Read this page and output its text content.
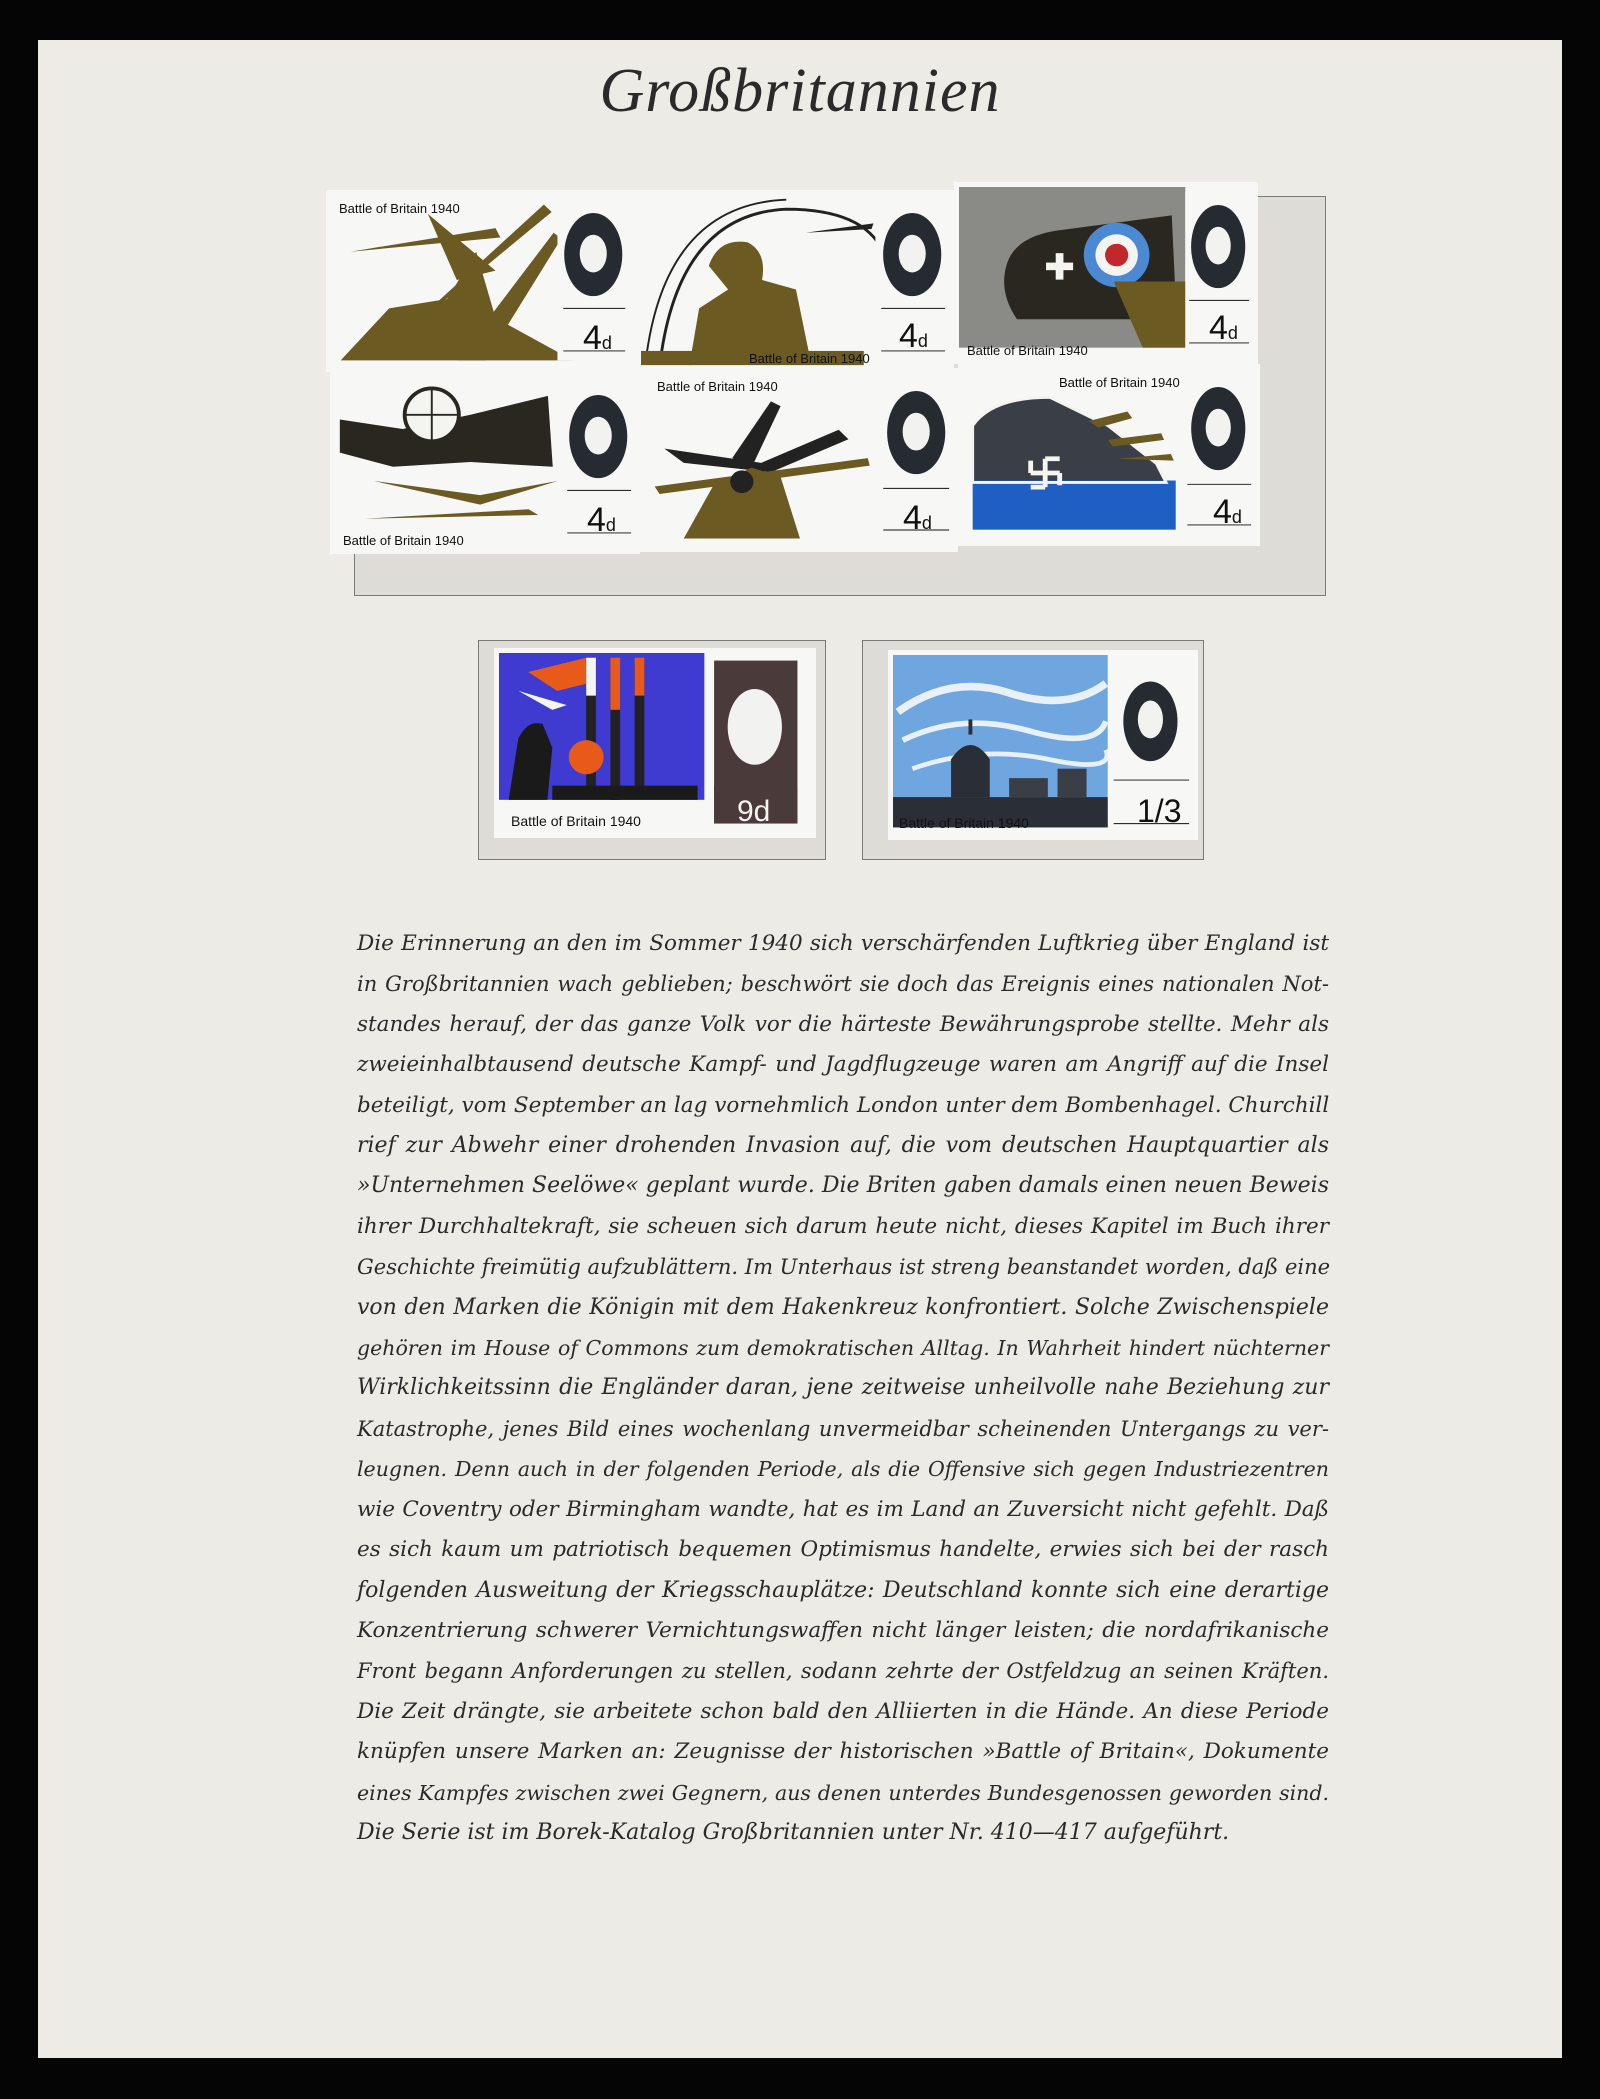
Großbritannien
Battle of Britain 1940
4d
Battle of Britain 1940
4d	Battle of Britain 1940
4d
Battle of Britain 1940
4d
Battle of Britain 1940
4d
Battle of Britain 1940
4d
Battle of Britain 1940	9d	Battle of Britain 1940	1/3
Die Erinnerung an den im Sommer 1940 sich verschärfenden Luftkrieg über England ist
in Großbritannien wach geblieben; beschwört sie doch das Ereignis eines nationalen Not-
standes herauf, der das ganze Volk vor die härteste Bewährungsprobe stellte. Mehr als
zweieinhalbtausend deutsche Kampf- und Jagdflugzeuge waren am Angriff auf die Insel
beteiligt, vom September an lag vornehmlich London unter dem Bombenhagel. Churchill
rief zur Abwehr einer drohenden Invasion auf, die vom deutschen Hauptquartier als
»Unternehmen Seelöwe« geplant wurde. Die Briten gaben damals einen neuen Beweis
ihrer Durchhaltekraft, sie scheuen sich darum heute nicht, dieses Kapitel im Buch ihrer
Geschichte freimütig aufzublättern. Im Unterhaus ist streng beanstandet worden, daß eine
von den Marken die Königin mit dem Hakenkreuz konfrontiert. Solche Zwischenspiele
gehören im House of Commons zum demokratischen Alltag. In Wahrheit hindert nüchterner
Wirklichkeitssinn die Engländer daran, jene zeitweise unheilvolle nahe Beziehung zur
Katastrophe, jenes Bild eines wochenlang unvermeidbar scheinenden Untergangs zu ver-
leugnen. Denn auch in der folgenden Periode, als die Offensive sich gegen Industriezentren
wie Coventry oder Birmingham wandte, hat es im Land an Zuversicht nicht gefehlt. Daß
es sich kaum um patriotisch bequemen Optimismus handelte, erwies sich bei der rasch
folgenden Ausweitung der Kriegsschauplätze: Deutschland konnte sich eine derartige
Konzentrierung schwerer Vernichtungswaffen nicht länger leisten; die nordafrikanische
Front begann Anforderungen zu stellen, sodann zehrte der Ostfeldzug an seinen Kräften.
Die Zeit drängte, sie arbeitete schon bald den Alliierten in die Hände. An diese Periode
knüpfen unsere Marken an: Zeugnisse der historischen »Battle of Britain«, Dokumente
eines Kampfes zwischen zwei Gegnern, aus denen unterdes Bundesgenossen geworden sind.
Die Serie ist im Borek-Katalog Großbritannien unter Nr. 410—417 aufgeführt.
